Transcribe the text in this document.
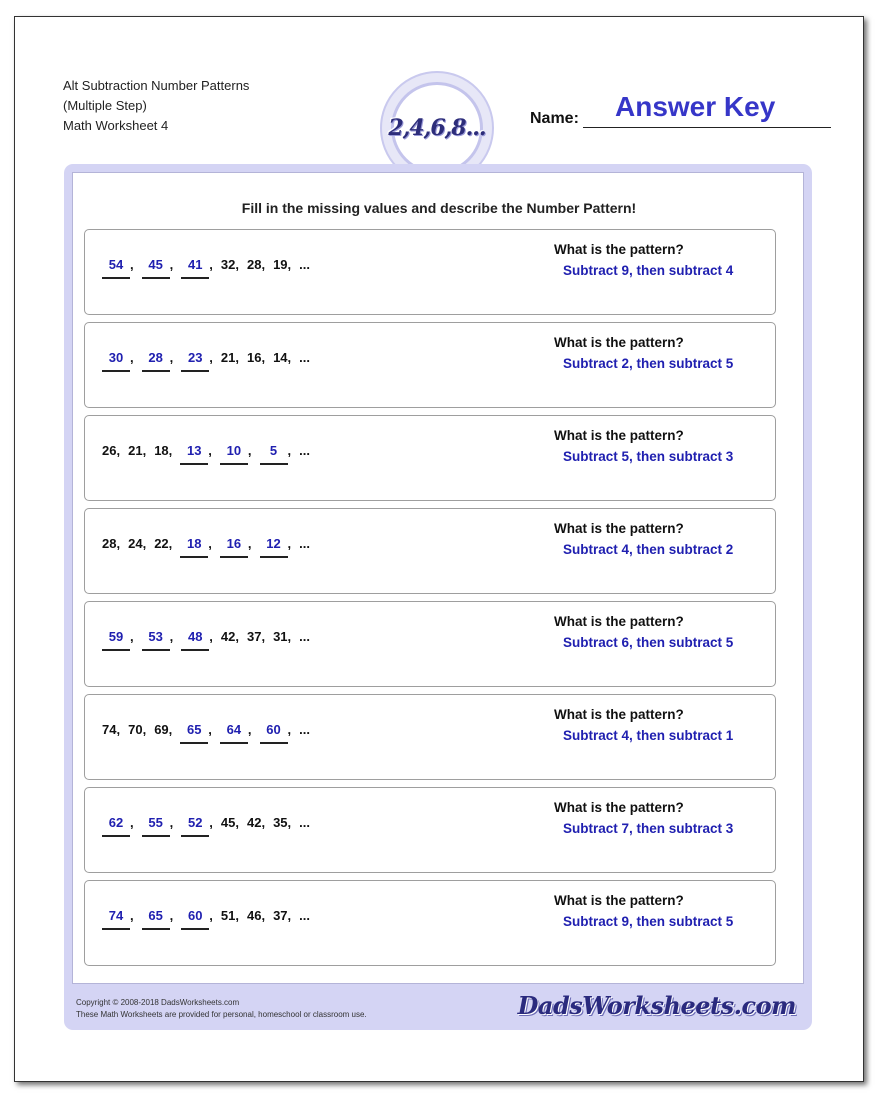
Alt Subtraction Number Patterns
(Multiple Step)
Math Worksheet 4	2,4,6,8...	Name: Answer Key
Fill in the missing values and describe the Number Pattern!
54 , 45 , 41 , 32, 28, 19, ...
What is the pattern?
Subtract 9, then subtract 4
30 , 28 , 23 , 21, 16, 14, ...
What is the pattern?
Subtract 2, then subtract 5
26, 21, 18, 13 , 10 , 5 , ...
What is the pattern?
Subtract 5, then subtract 3
28, 24, 22, 18 , 16 , 12 , ...
What is the pattern?
Subtract 4, then subtract 2
59 , 53 , 48 , 42, 37, 31, ...
What is the pattern?
Subtract 6, then subtract 5
74, 70, 69, 65 , 64 , 60 , ...
What is the pattern?
Subtract 4, then subtract 1
62 , 55 , 52 , 45, 42, 35, ...
What is the pattern?
Subtract 7, then subtract 3
74 , 65 , 60 , 51, 46, 37, ...
What is the pattern?
Subtract 9, then subtract 5
Copyright © 2008-2018 DadsWorksheets.com
These Math Worksheets are provided for personal, homeschool or classroom use.	DadsWorksheets.com
